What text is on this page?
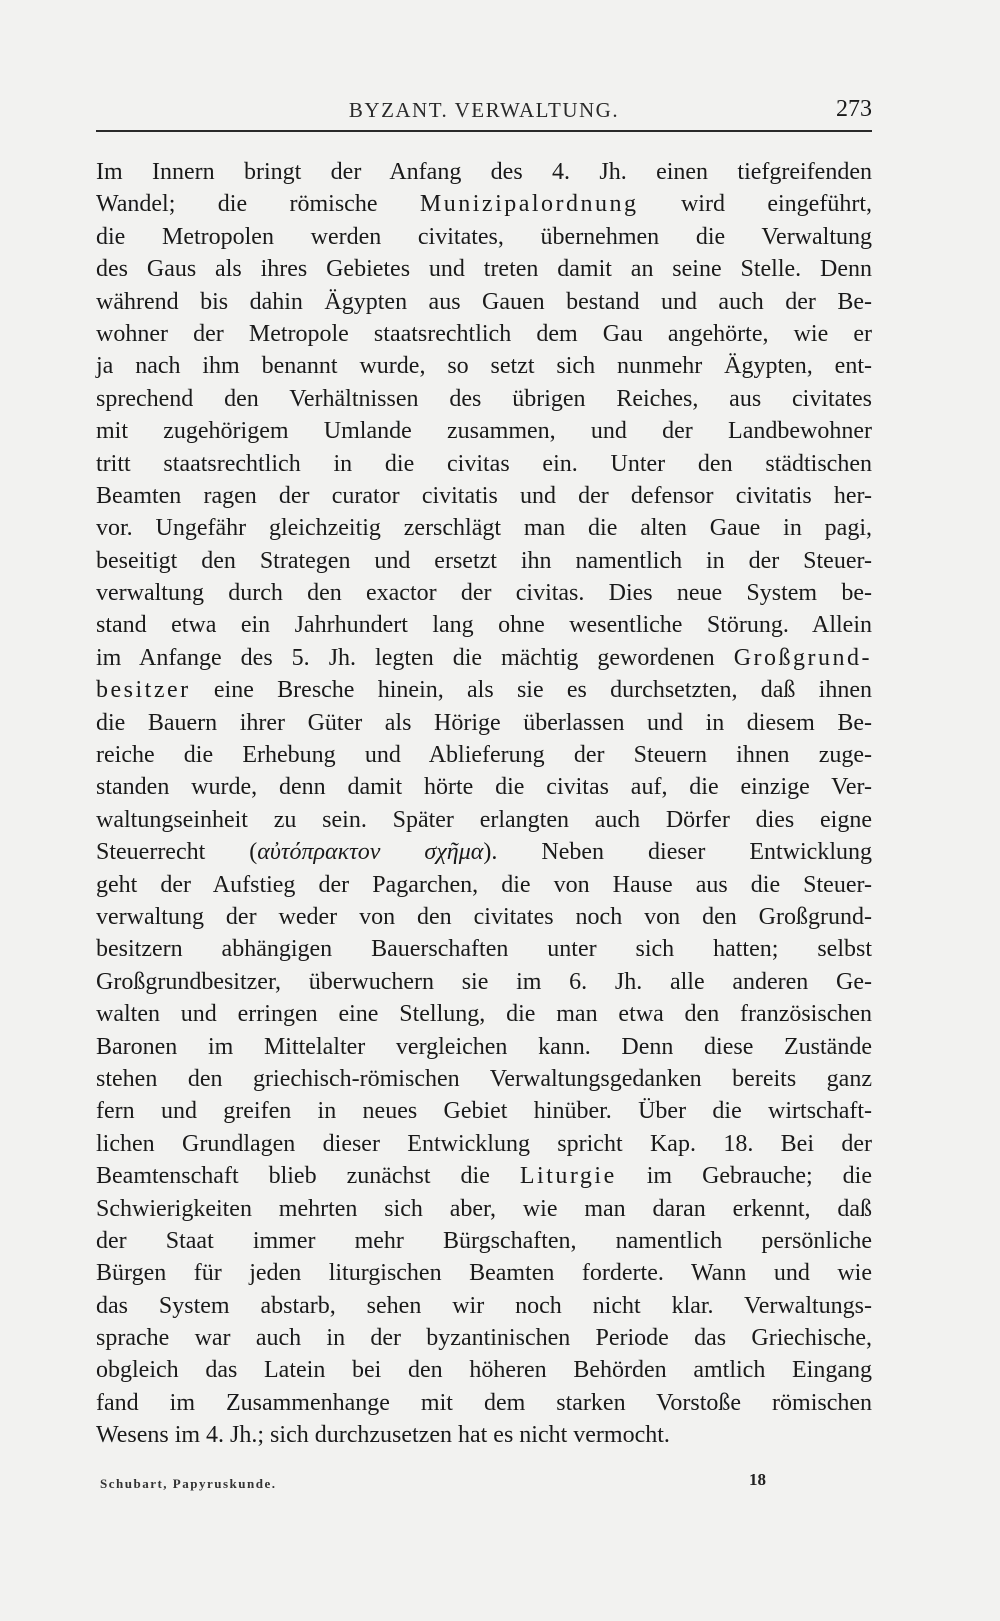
BYZANT. VERWALTUNG.	273
Im Innern bringt der Anfang des 4. Jh. einen tiefgreifenden
Wandel; die römische Munizipalordnung wird eingeführt,
die Metropolen werden civitates, übernehmen die Verwaltung
des Gaus als ihres Gebietes und treten damit an seine Stelle. Denn
während bis dahin Ägypten aus Gauen bestand und auch der Be-
wohner der Metropole staatsrechtlich dem Gau angehörte, wie er
ja nach ihm benannt wurde, so setzt sich nunmehr Ägypten, ent-
sprechend den Verhältnissen des übrigen Reiches, aus civitates
mit zugehörigem Umlande zusammen, und der Landbewohner
tritt staatsrechtlich in die civitas ein. Unter den städtischen
Beamten ragen der curator civitatis und der defensor civitatis her-
vor. Ungefähr gleichzeitig zerschlägt man die alten Gaue in pagi,
beseitigt den Strategen und ersetzt ihn namentlich in der Steuer-
verwaltung durch den exactor der civitas. Dies neue System be-
stand etwa ein Jahrhundert lang ohne wesentliche Störung. Allein
im Anfange des 5. Jh. legten die mächtig gewordenen Großgrund-
besitzer eine Bresche hinein, als sie es durchsetzten, daß ihnen
die Bauern ihrer Güter als Hörige überlassen und in diesem Be-
reiche die Erhebung und Ablieferung der Steuern ihnen zuge-
standen wurde, denn damit hörte die civitas auf, die einzige Ver-
waltungseinheit zu sein. Später erlangten auch Dörfer dies eigne
Steuerrecht (αὐτόπρακτον σχῆμα). Neben dieser Entwicklung
geht der Aufstieg der Pagarchen, die von Hause aus die Steuer-
verwaltung der weder von den civitates noch von den Großgrund-
besitzern abhängigen Bauerschaften unter sich hatten; selbst
Großgrundbesitzer, überwuchern sie im 6. Jh. alle anderen Ge-
walten und erringen eine Stellung, die man etwa den französischen
Baronen im Mittelalter vergleichen kann. Denn diese Zustände
stehen den griechisch-römischen Verwaltungsgedanken bereits ganz
fern und greifen in neues Gebiet hinüber. Über die wirtschaft-
lichen Grundlagen dieser Entwicklung spricht Kap. 18. Bei der
Beamtenschaft blieb zunächst die Liturgie im Gebrauche; die
Schwierigkeiten mehrten sich aber, wie man daran erkennt, daß
der Staat immer mehr Bürgschaften, namentlich persönliche
Bürgen für jeden liturgischen Beamten forderte. Wann und wie
das System abstarb, sehen wir noch nicht klar. Verwaltungs-
sprache war auch in der byzantinischen Periode das Griechische,
obgleich das Latein bei den höheren Behörden amtlich Eingang
fand im Zusammenhange mit dem starken Vorstoße römischen
Wesens im 4. Jh.; sich durchzusetzen hat es nicht vermocht.
Schubart, Papyruskunde.	18
